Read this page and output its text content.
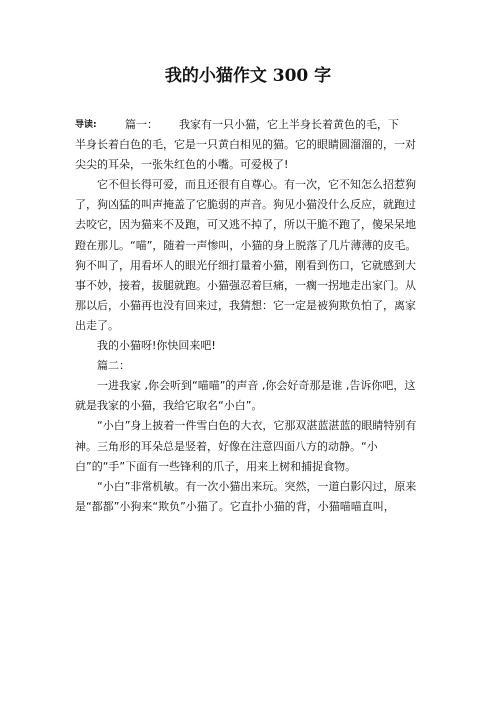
我的小猫作文 300 字
导读:	篇一：	我家有一只小猫，它上半身长着黄色的毛，下

半身长着白色的毛，它是一只黄白相见的猫。它的眼睛圆溜溜的，一对尖尖的耳朵，一张朱红色的小嘴。可爱极了!

它不但长得可爱，而且还很有自尊心。有一次，它不知怎么招惹狗了，狗凶猛的叫声掩盖了它脆弱的声音。狗见小猫没什么反应，就跑过去咬它，因为猫来不及跑，可又逃不掉了，所以干脆不跑了，傻呆呆地蹬在那儿。“喵”，随着一声惨叫，小猫的身上脱落了几片薄薄的皮毛。狗不叫了，用看坏人的眼光仔细打量着小猫，刚看到伤口，它就感到大事不妙，接着，拔腿就跑。小猫强忍着巨痛，一瘸一拐地走出家门。从那以后，小猫再也没有回来过，我猜想：它一定是被狗欺负怕了，离家出走了。

我的小猫呀!你快回来吧!

篇二：

一进我家 ,你会听到“喵喵”的声音 ,你会好奇那是谁 ,告诉你吧，这就是我家的小猫，我给它取名“小白”。

“小白”身上披着一件雪白色的大衣，它那双湛蓝湛蓝的眼睛特别有神。三角形的耳朵总是竖着，好像在注意四面八方的动静。“小白”的“手”下面有一些锋利的爪子，用来上树和捕捉食物。

“小白”非常机敏。有一次小猫出来玩。突然，一道白影闪过，原来是“都都”小狗来“欺负”小猫了。它直扑小猫的背，小猫喵喵直叫，
